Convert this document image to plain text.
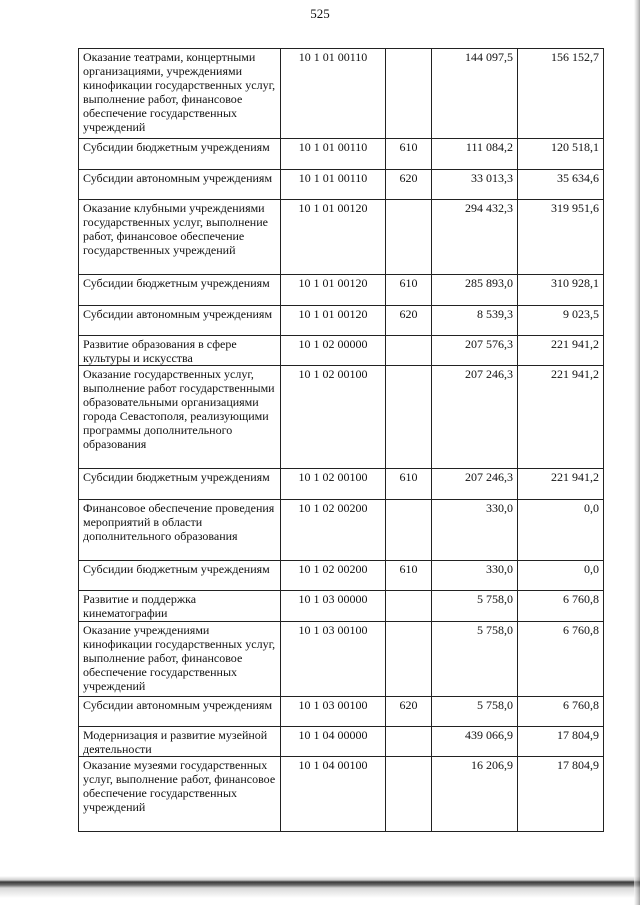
525
Оказание театрами, концертными организациями, учреждениями кинофикации государственных услуг, выполнение работ, финансовое обеспечение государственных учреждений	10 1 01 00110		144 097,5	156 152,7
Субсидии бюджетным учреждениям	10 1 01 00110	610	111 084,2	120 518,1
Субсидии автономным учреждениям	10 1 01 00110	620	33 013,3	35 634,6
Оказание клубными учреждениями государственных услуг, выполнение работ, финансовое обеспечение государственных учреждений	10 1 01 00120		294 432,3	319 951,6
Субсидии бюджетным учреждениям	10 1 01 00120	610	285 893,0	310 928,1
Субсидии автономным учреждениям	10 1 01 00120	620	8 539,3	9 023,5
Развитие образования в сфере культуры и искусства	10 1 02 00000		207 576,3	221 941,2
Оказание государственных услуг, выполнение работ государственными образовательными организациями города Севастополя, реализующими программы дополнительного образования	10 1 02 00100		207 246,3	221 941,2
Субсидии бюджетным учреждениям	10 1 02 00100	610	207 246,3	221 941,2
Финансовое обеспечение проведения мероприятий в области дополнительного образования	10 1 02 00200		330,0	0,0
Субсидии бюджетным учреждениям	10 1 02 00200	610	330,0	0,0
Развитие и поддержка кинематографии	10 1 03 00000		5 758,0	6 760,8
Оказание учреждениями кинофикации государственных услуг, выполнение работ, финансовое обеспечение государственных учреждений	10 1 03 00100		5 758,0	6 760,8
Субсидии автономным учреждениям	10 1 03 00100	620	5 758,0	6 760,8
Модернизация и развитие музейной деятельности	10 1 04 00000		439 066,9	17 804,9
Оказание музеями государственных услуг, выполнение работ, финансовое обеспечение государственных учреждений	10 1 04 00100		16 206,9	17 804,9
